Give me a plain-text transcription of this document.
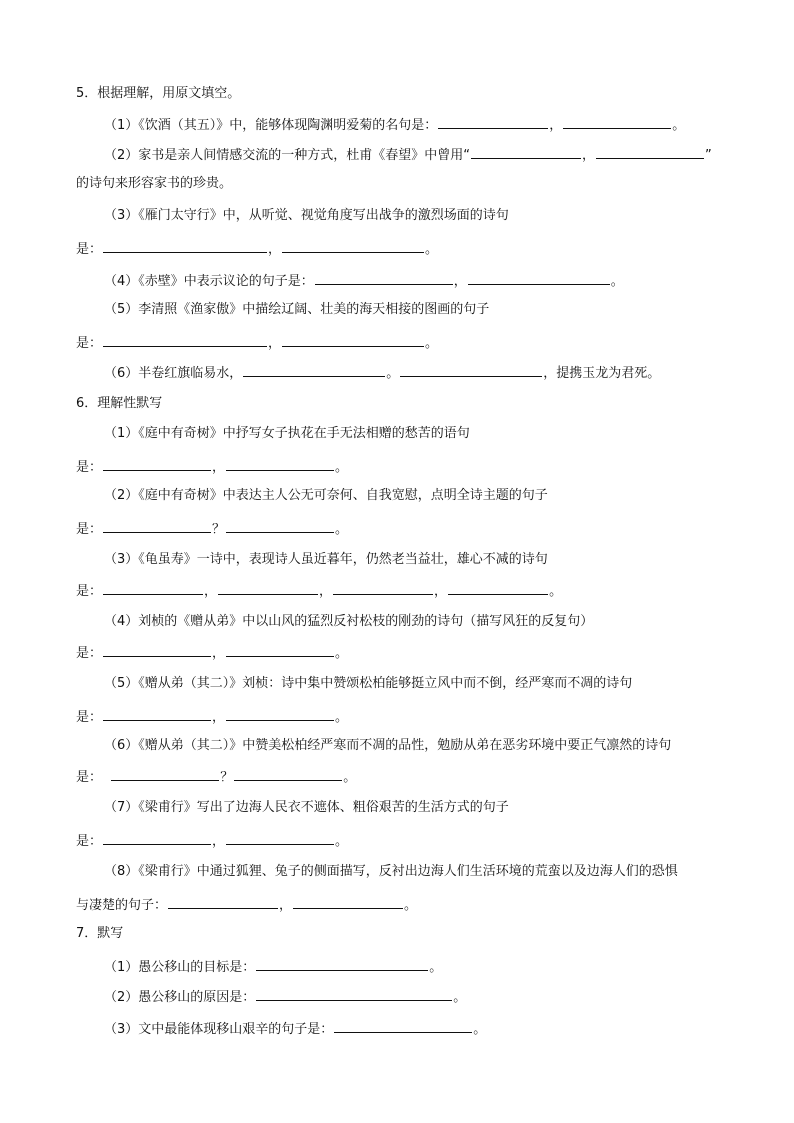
5．根据理解，用原文填空。
（1）《饮酒（其五）》中，能够体现陶渊明爱菊的名句是：	，	。
（2）家书是亲人间情感交流的一种方式，杜甫《春望》中曾用“	，	”
的诗句来形容家书的珍贵。
（3）《雁门太守行》中，从听觉、视觉角度写出战争的激烈场面的诗句
是：	，	。
（4）《赤壁》中表示议论的句子是：	，	。
（5）李清照《渔家傲》中描绘辽阔、壮美的海天相接的图画的句子
是：	，	。
（6）半卷红旗临易水，	。	，提携玉龙为君死。
6．理解性默写
（1）《庭中有奇树》中抒写女子执花在手无法相赠的愁苦的语句
是：	，	。
（2）《庭中有奇树》中表达主人公无可奈何、自我宽慰，点明全诗主题的句子
是：	？	。
（3）《龟虽寿》一诗中，表现诗人虽近暮年，仍然老当益壮，雄心不减的诗句
是：	，	，	，	。
（4）刘桢的《赠从弟》中以山风的猛烈反衬松枝的刚劲的诗句（描写风狂的反复句）
是：	，	。
（5）《赠从弟（其二）》刘桢：诗中集中赞颂松柏能够挺立风中而不倒，经严寒而不凋的诗句
是：	，	。
（6）《赠从弟（其二）》中赞美松柏经严寒而不凋的品性，勉励从弟在恶劣环境中要正气凛然的诗句
是：	？	。
（7）《梁甫行》写出了边海人民衣不遮体、粗俗艰苦的生活方式的句子
是：	，	。
（8）《梁甫行》中通过狐狸、兔子的侧面描写，反衬出边海人们生活环境的荒蛮以及边海人们的恐惧
与凄楚的句子：	，	。
7．默写
（1）愚公移山的目标是：	。
（2）愚公移山的原因是：	。
（3）文中最能体现移山艰辛的句子是：	。
